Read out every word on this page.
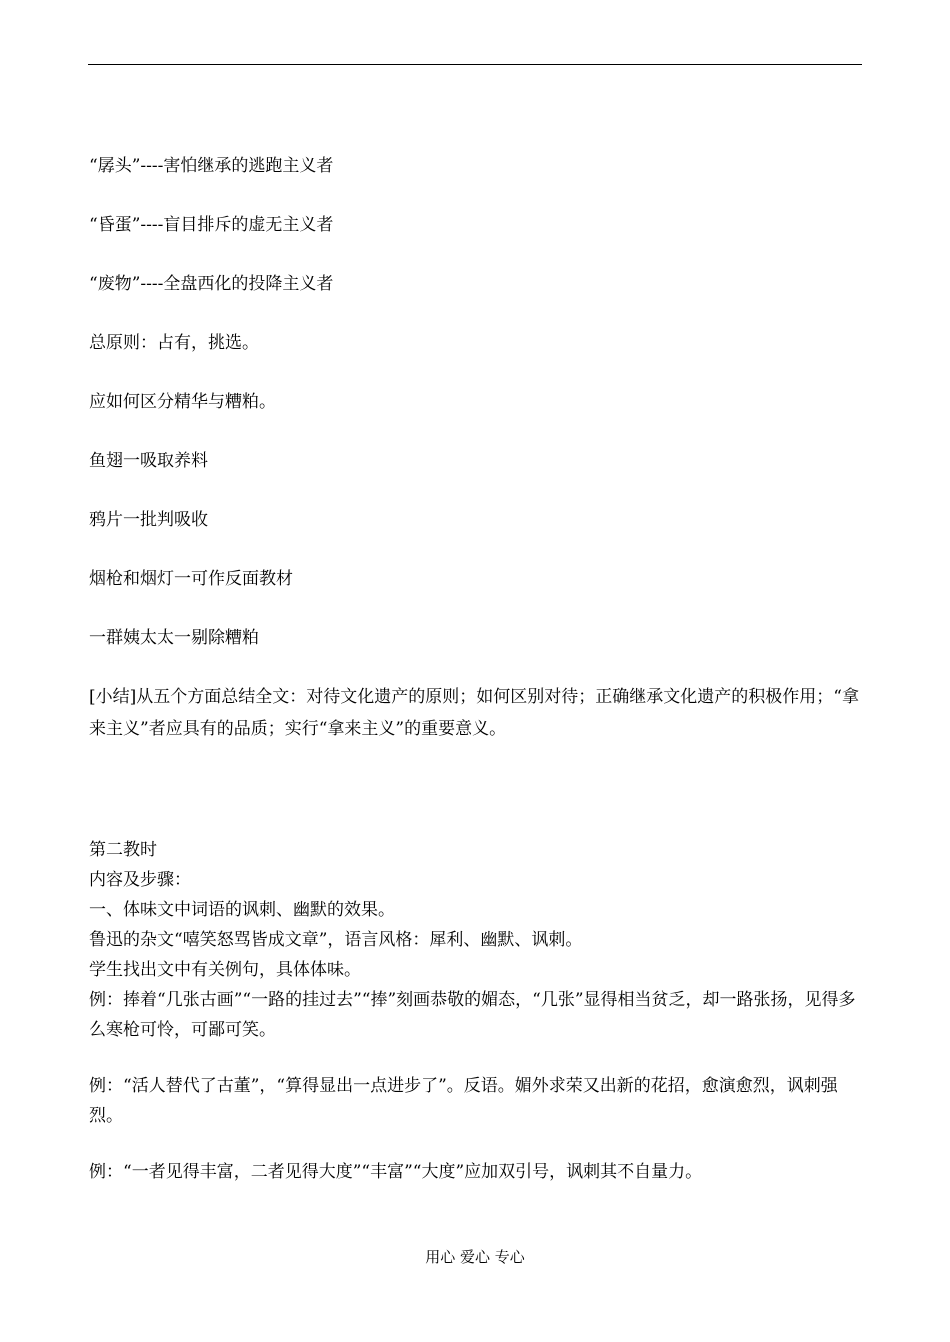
“孱头”----害怕继承的逃跑主义者

“昏蛋”----盲目排斥的虚无主义者

“废物”----全盘西化的投降主义者

总原则：占有，挑选。

应如何区分精华与糟粕。

鱼翅一吸取养料

鸦片一批判吸收

烟枪和烟灯一可作反面教材

一群姨太太一剔除糟粕

[小结]从五个方面总结全文：对待文化遗产的原则；如何区别对待；正确继承文化遗产的积极作用；“拿来主义”者应具有的品质；实行“拿来主义”的重要意义。

第二教时

内容及步骤：

一、体味文中词语的讽刺、幽默的效果。

鲁迅的杂文“嘻笑怒骂皆成文章”，语言风格：犀利、幽默、讽刺。

学生找出文中有关例句，具体体味。

例：捧着“几张古画”“一路的挂过去”“捧”刻画恭敬的媚态，“几张”显得相当贫乏，却一路张扬，见得多么寒枪可怜，可鄙可笑。

例：“活人替代了古董”，“算得显出一点进步了”。反语。媚外求荣又出新的花招，愈演愈烈，讽刺强烈。

例：“一者见得丰富，二者见得大度”“丰富”“大度”应加双引号，讽刺其不自量力。

用心 爱心 专心
